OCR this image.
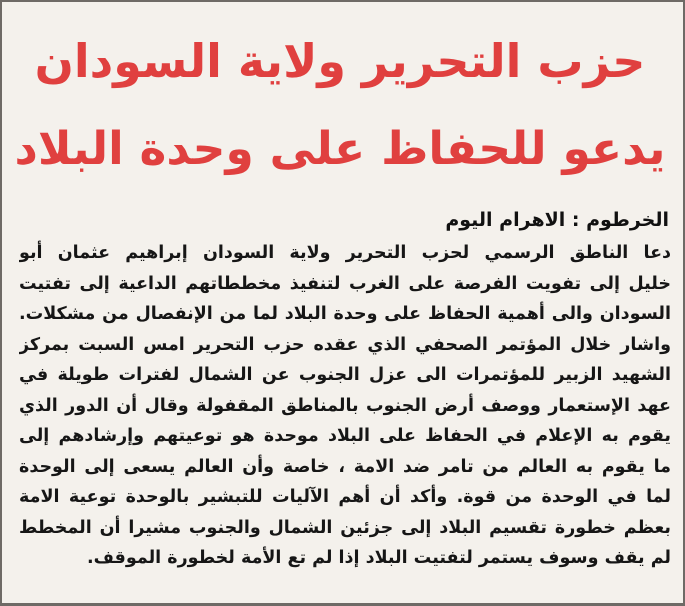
حزب التحرير ولاية السودان
يدعو للحفاظ على وحدة البلاد
الخرطوم : الاهرام اليوم
دعا الناطق الرسمي لحزب التحرير ولاية السودان إبراهيم عثمان أبو
خليل إلى تفويت الفرصة على الغرب لتنفيذ مخططاتهم الداعية إلى تفتيت
السودان والى أهمية الحفاظ على وحدة البلاد لما من الإنفصال من مشكلات.
واشار خلال المؤتمر الصحفي الذي عقده حزب التحرير امس السبت بمركز
الشهيد الزبير للمؤتمرات الى عزل الجنوب عن الشمال لفترات طويلة في
عهد الإستعمار ووصف أرض الجنوب بالمناطق المقفولة وقال أن الدور الذي
يقوم به الإعلام في الحفاظ على البلاد موحدة هو توعيتهم وإرشادهم إلى
ما يقوم به العالم من تامر ضد الامة ، خاصة وأن العالم يسعى إلى الوحدة
لما في الوحدة من قوة. وأكد أن أهم الآليات للتبشير بالوحدة توعية الامة
بعظم خطورة تقسيم البلاد إلى جزئين الشمال والجنوب مشيرا أن المخطط
لم يقف وسوف يستمر لتفتيت البلاد إذا لم تع الأمة لخطورة الموقف.
